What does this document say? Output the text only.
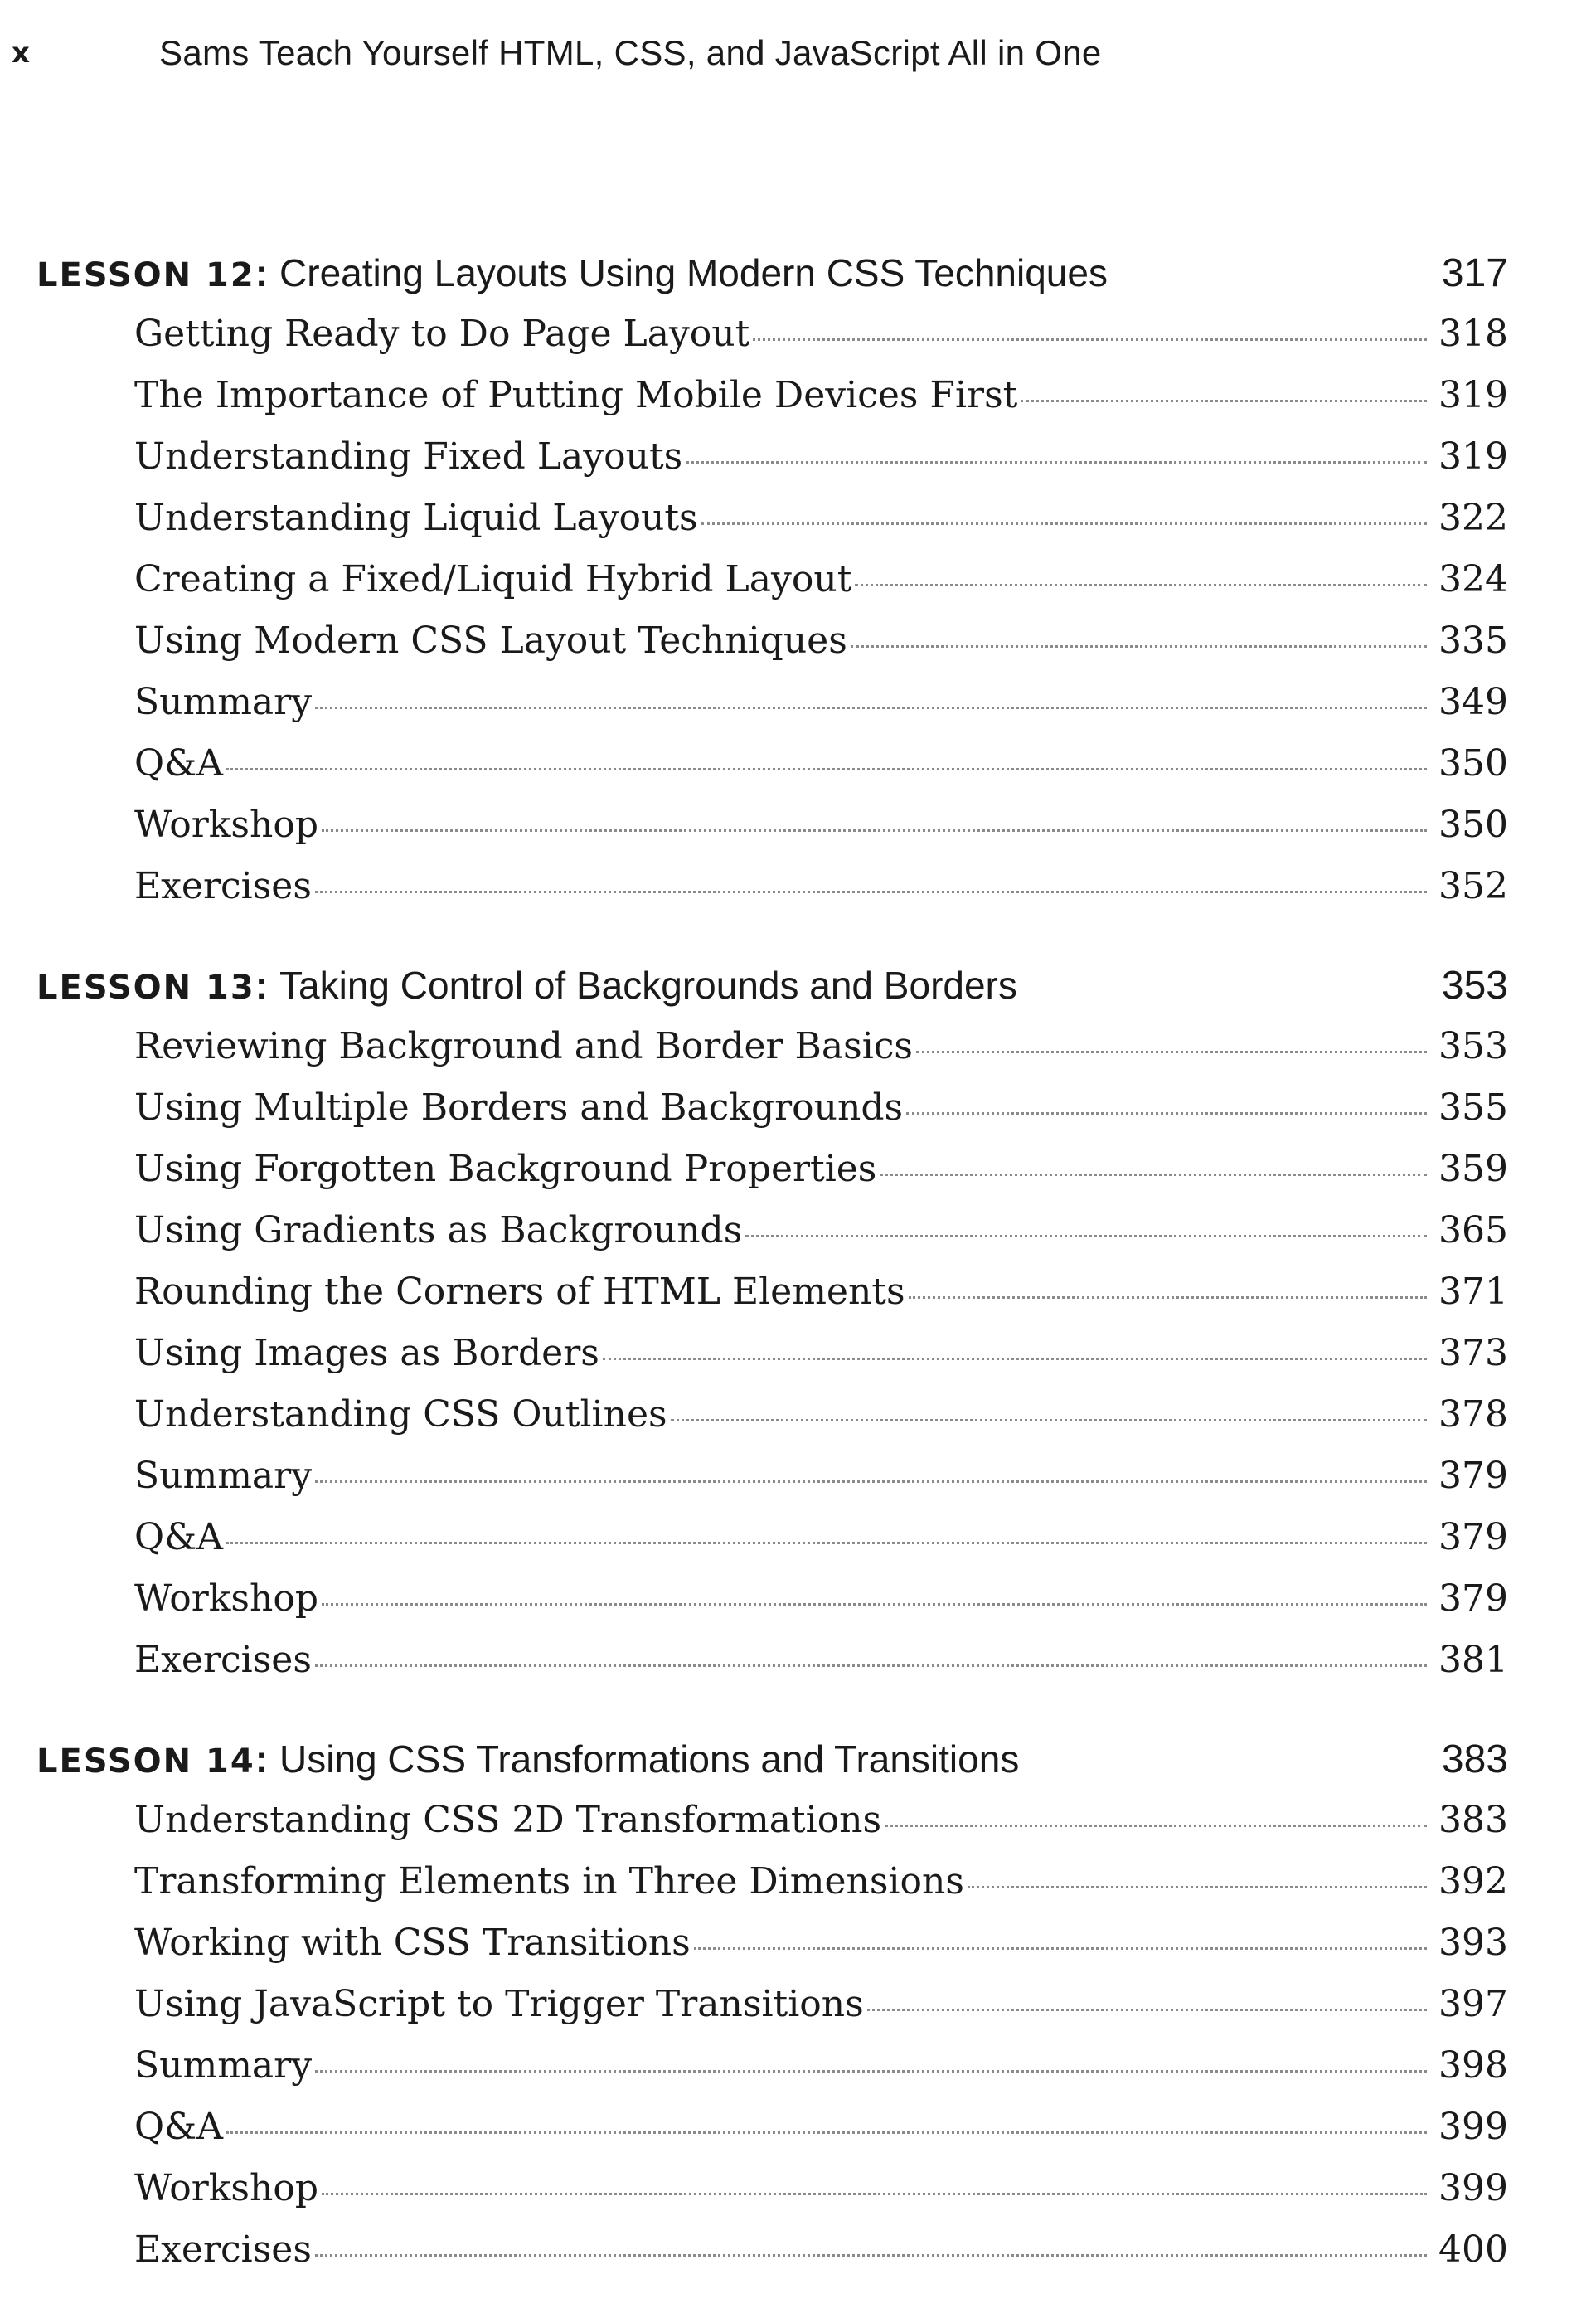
x	Sams Teach Yourself HTML, CSS, and JavaScript All in One
LESSON 12 : Creating Layouts Using Modern CSS Techniques	317
Getting Ready to Do Page Layout	318
The Importance of Putting Mobile Devices First	319
Understanding Fixed Layouts	319
Understanding Liquid Layouts	322
Creating a Fixed/Liquid Hybrid Layout	324
Using Modern CSS Layout Techniques	335
Summary	349
Q&A	350
Workshop	350
Exercises	352
LESSON 13 : Taking Control of Backgrounds and Borders	353
Reviewing Background and Border Basics	353
Using Multiple Borders and Backgrounds	355
Using Forgotten Background Properties	359
Using Gradients as Backgrounds	365
Rounding the Corners of HTML Elements	371
Using Images as Borders	373
Understanding CSS Outlines	378
Summary	379
Q&A	379
Workshop	379
Exercises	381
LESSON 14 : Using CSS Transformations and Transitions	383
Understanding CSS 2D Transformations	383
Transforming Elements in Three Dimensions	392
Working with CSS Transitions	393
Using JavaScript to Trigger Transitions	397
Summary	398
Q&A	399
Workshop	399
Exercises	400
